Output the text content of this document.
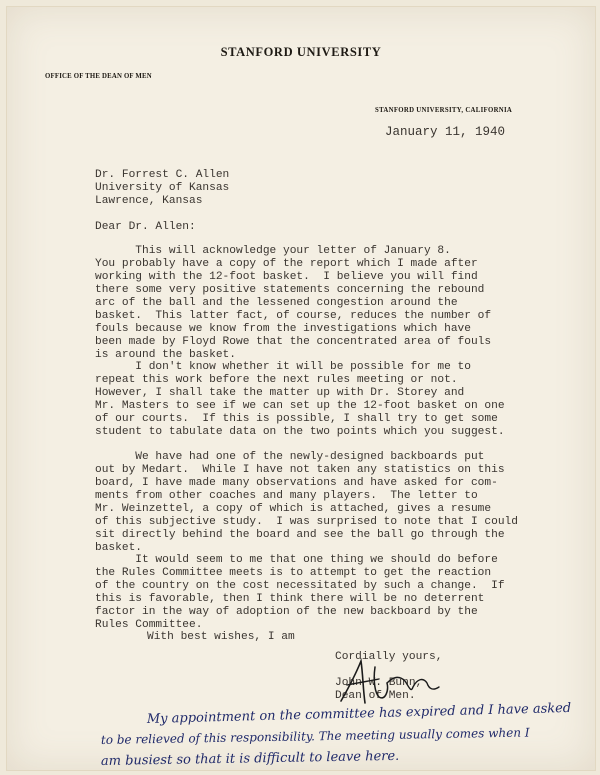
STANFORD UNIVERSITY

OFFICE OF THE DEAN OF MEN

STANFORD UNIVERSITY, CALIFORNIA

January 11, 1940

Dr. Forrest C. Allen
University of Kansas
Lawrence, Kansas

Dear Dr. Allen:

This will acknowledge your letter of January 8.
You probably have a copy of the report which I made after
working with the 12-foot basket.  I believe you will find
there some very positive statements concerning the rebound
arc of the ball and the lessened congestion around the
basket.  This latter fact, of course, reduces the number of
fouls because we know from the investigations which have
been made by Floyd Rowe that the concentrated area of fouls
is around the basket.
I don't know whether it will be possible for me to
repeat this work before the next rules meeting or not.
However, I shall take the matter up with Dr. Storey and
Mr. Masters to see if we can set up the 12-foot basket on one
of our courts.  If this is possible, I shall try to get some
student to tabulate data on the two points which you suggest.
We have had one of the newly-designed backboards put
out by Medart.  While I have not taken any statistics on this
board, I have made many observations and have asked for com-
ments from other coaches and many players.  The letter to
Mr. Weinzettel, a copy of which is attached, gives a resume
of this subjective study.  I was surprised to note that I could
sit directly behind the board and see the ball go through the
basket.
It would seem to me that one thing we should do before
the Rules Committee meets is to attempt to get the reaction
of the country on the cost necessitated by such a change.  If
this is favorable, then I think there will be no deterrent
factor in the way of adoption of the new backboard by the
Rules Committee.

With best wishes, I am

Cordially yours,
John W. Bunn,
Dean of Men.
My appointment on the committee has expired and I have asked
to be relieved of this responsibility. The meeting usually comes when I
am busiest so that it is difficult to leave here.
